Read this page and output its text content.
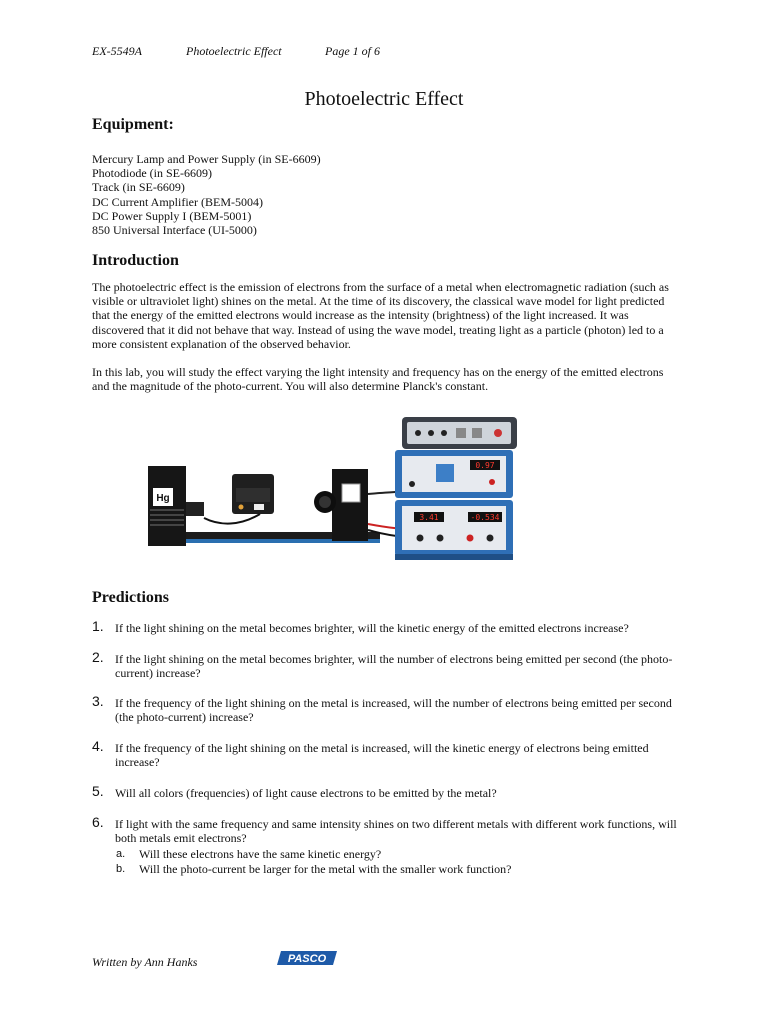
EX-5549A	Photoelectric Effect	Page 1 of 6
Photoelectric Effect
Equipment:
Mercury Lamp and Power Supply (in SE-6609)
Photodiode (in SE-6609)
Track (in SE-6609)
DC Current Amplifier (BEM-5004)
DC Power Supply I (BEM-5001)
850 Universal Interface (UI-5000)
Introduction
The photoelectric effect is the emission of electrons from the surface of a metal when electromagnetic radiation (such as visible or ultraviolet light) shines on the metal. At the time of its discovery, the classical wave model for light predicted that the energy of the emitted electrons would increase as the intensity (brightness) of the light increased. It was discovered that it did not behave that way. Instead of using the wave model, treating light as a particle (photon) led to a more consistent explanation of the observed behavior.
In this lab, you will study the effect varying the light intensity and frequency has on the energy of the emitted electrons and the magnitude of the photo-current. You will also determine Planck's constant.
Hg
0.97
3.41	-0.534
Predictions
1. If the light shining on the metal becomes brighter, will the kinetic energy of the emitted electrons increase?
2. If the light shining on the metal becomes brighter, will the number of electrons being emitted per second (the photo-current) increase?
3. If the frequency of the light shining on the metal is increased, will the number of electrons being emitted per second (the photo-current) increase?
4. If the frequency of the light shining on the metal is increased, will the kinetic energy of electrons being emitted increase?
5. Will all colors (frequencies) of light cause electrons to be emitted by the metal?
6. If light with the same frequency and same intensity shines on two different metals with different work functions, will both metals emit electrons?
a. Will these electrons have the same kinetic energy?
b. Will the photo-current be larger for the metal with the smaller work function?
Written by Ann Hanks	PASCO
